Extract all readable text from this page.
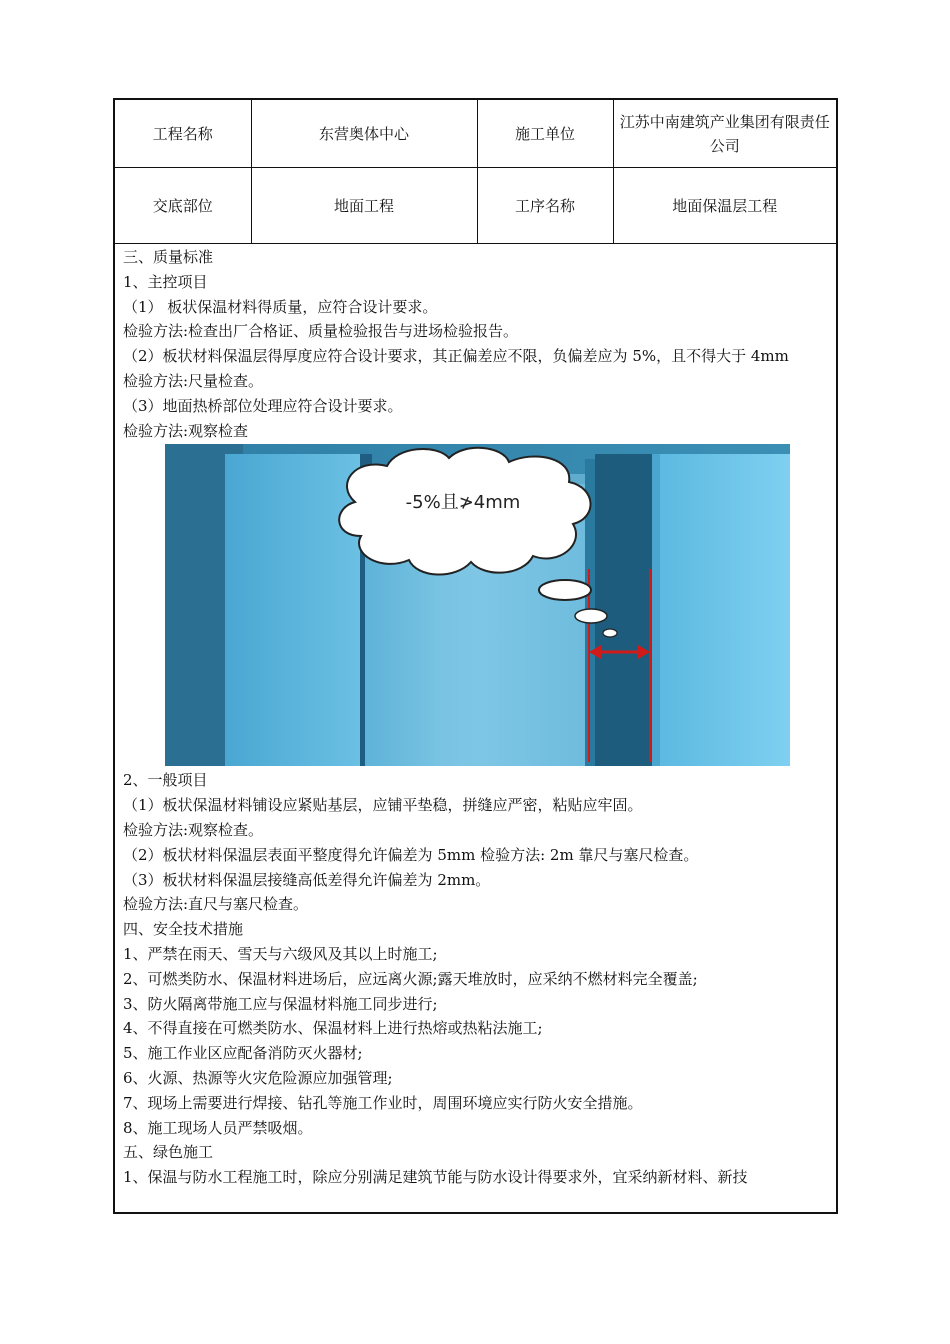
工程名称	东营奥体中心	施工单位	江苏中南建筑产业集团有限责任公司
交底部位	地面工程	工序名称	地面保温层工程

三、质量标准

1、主控项目

（1） 板状保温材料得质量，应符合设计要求。

检验方法:检查出厂合格证、质量检验报告与进场检验报告。

（2）板状材料保温层得厚度应符合设计要求，其正偏差应不限，负偏差应为 5%，且不得大于 4mm

检验方法:尺量检查。

（3）地面热桥部位处理应符合设计要求。

检验方法:观察检查

-5%且≯4mm

2、一般项目

（1）板状保温材料铺设应紧贴基层，应铺平垫稳，拼缝应严密，粘贴应牢固。

检验方法:观察检查。

（2）板状材料保温层表面平整度得允许偏差为 5mm 检验方法: 2m 靠尺与塞尺检查。

（3）板状材料保温层接缝高低差得允许偏差为 2mm。

检验方法:直尺与塞尺检查。

四、安全技术措施

1、严禁在雨天、雪天与六级风及其以上时施工;

2、可燃类防水、保温材料进场后，应远离火源;露天堆放时，应采纳不燃材料完全覆盖;

3、防火隔离带施工应与保温材料施工同步进行;

4、不得直接在可燃类防水、保温材料上进行热熔或热粘法施工;

5、施工作业区应配备消防灭火器材;

6、火源、热源等火灾危险源应加强管理;

7、现场上需要进行焊接、钻孔等施工作业时，周围环境应实行防火安全措施。

8、施工现场人员严禁吸烟。

五、绿色施工

1、保温与防水工程施工时，除应分别满足建筑节能与防水设计得要求外，宜采纳新材料、新技
